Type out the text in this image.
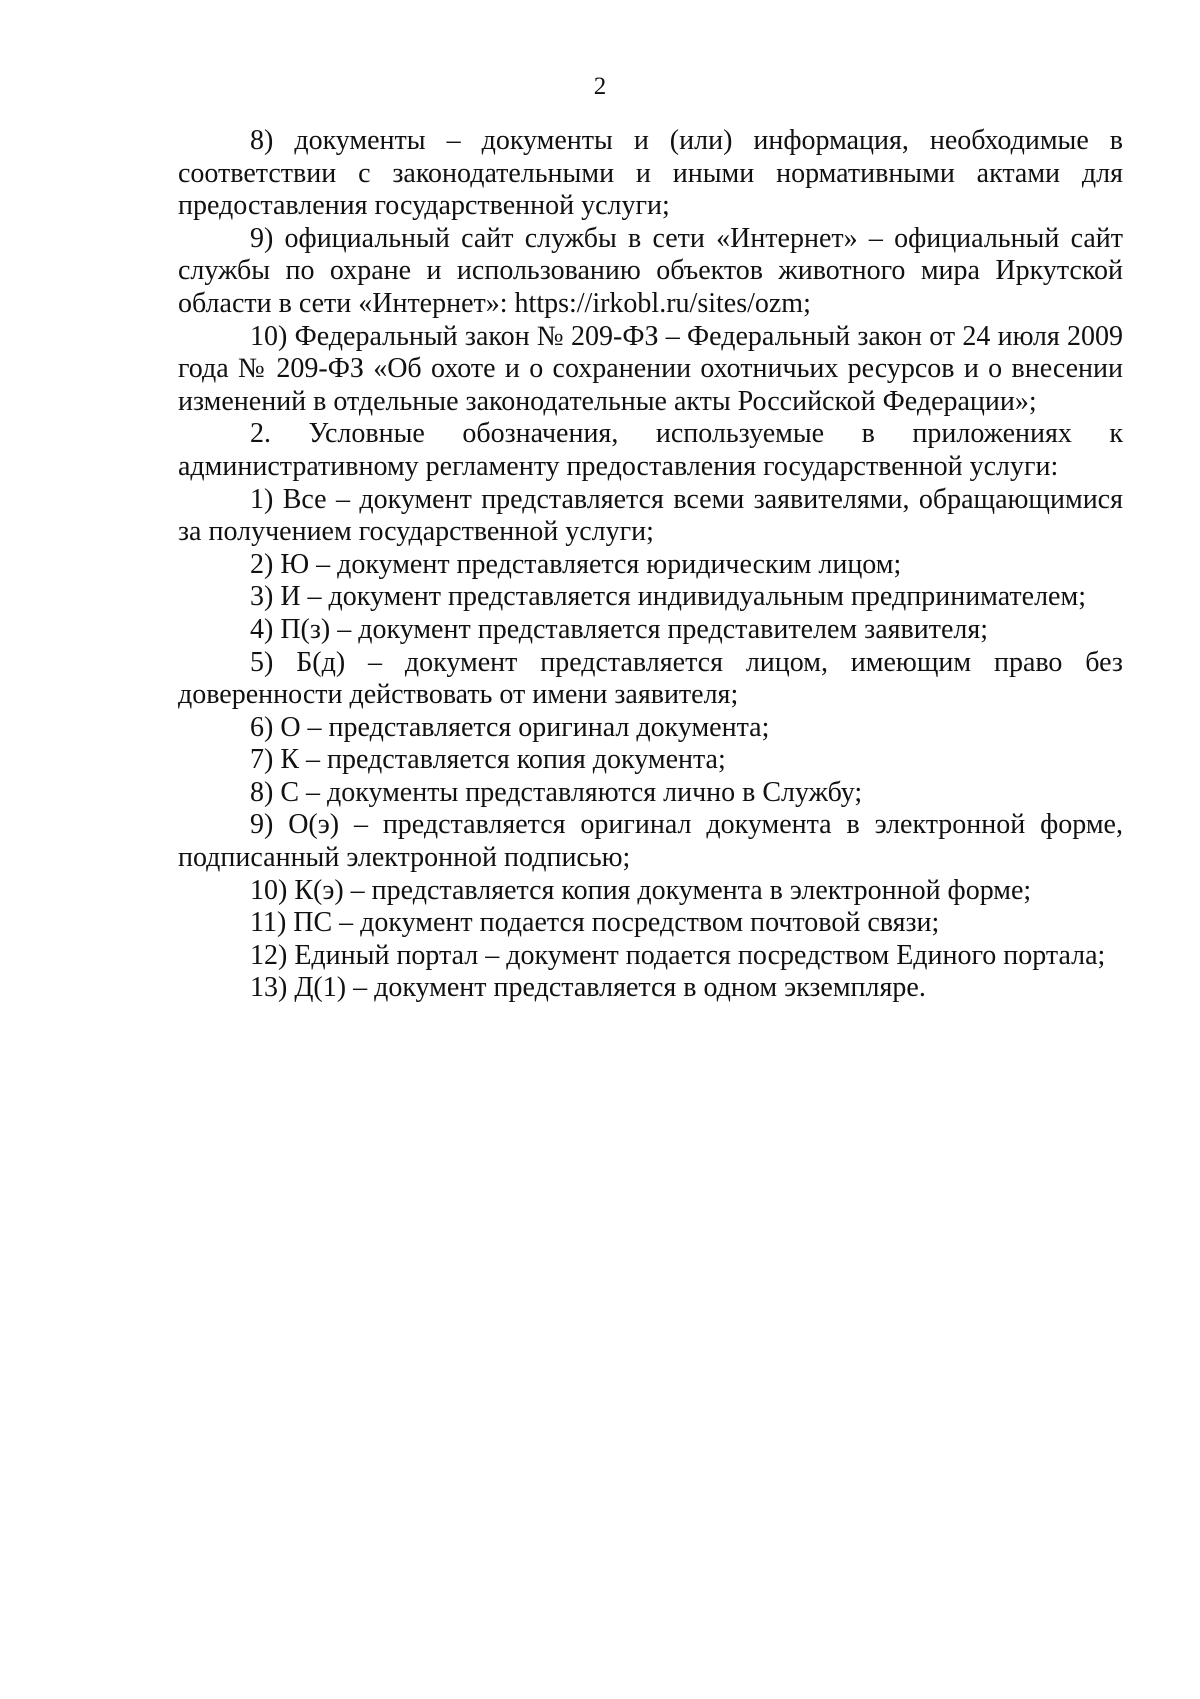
2

8) документы – документы и (или) информация, необходимые в соответствии с законодательными и иными нормативными актами для предоставления государственной услуги;

9) официальный сайт службы в сети «Интернет» – официальный сайт службы по охране и использованию объектов животного мира Иркутской области в сети «Интернет»: https://irkobl.ru/sites/ozm;

10) Федеральный закон № 209-ФЗ – Федеральный закон от 24 июля 2009 года № 209-ФЗ «Об охоте и о сохранении охотничьих ресурсов и о внесении изменений в отдельные законодательные акты Российской Федерации»;

2. Условные обозначения, используемые в приложениях к административному регламенту предоставления государственной услуги:

1) Все – документ представляется всеми заявителями, обращающимися за получением государственной услуги;

2) Ю – документ представляется юридическим лицом;

3) И – документ представляется индивидуальным предпринимателем;

4) П(з) – документ представляется представителем заявителя;

5) Б(д) – документ представляется лицом, имеющим право без доверенности действовать от имени заявителя;

6) О – представляется оригинал документа;

7) К – представляется копия документа;

8) С – документы представляются лично в Службу;

9) О(э) – представляется оригинал документа в электронной форме, подписанный электронной подписью;

10) К(э) – представляется копия документа в электронной форме;

11) ПС – документ подается посредством почтовой связи;

12) Единый портал – документ подается посредством Единого портала;

13) Д(1) – документ представляется в одном экземпляре.
